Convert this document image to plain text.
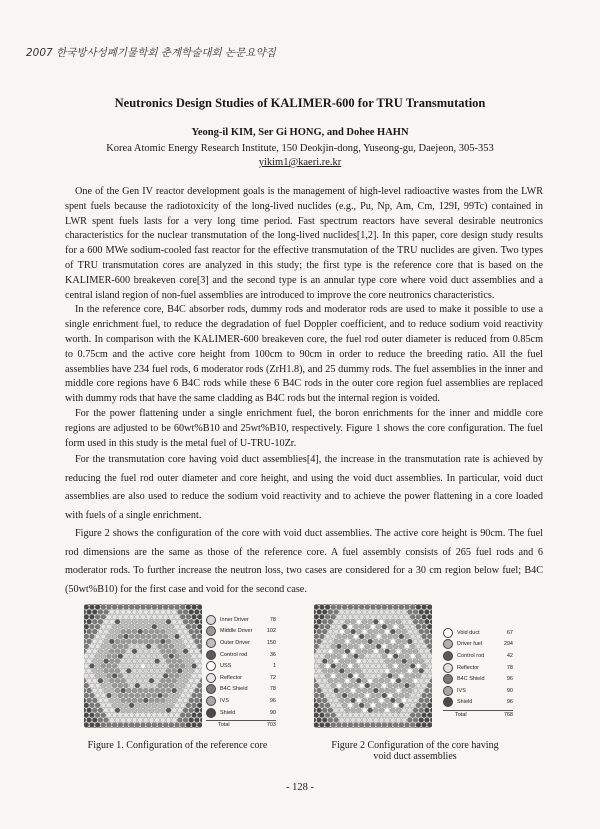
2007 한국방사성폐기물학회 춘계학술대회 논문요약집
Neutronics Design Studies of KALIMER-600 for TRU Transmutation
Yeong-il KIM, Ser Gi HONG, and Dohee HAHN
Korea Atomic Energy Research Institute, 150 Deokjin-dong, Yuseong-gu, Daejeon, 305-353
yikim1@kaeri.re.kr

One of the Gen IV reactor development goals is the management of high-level radioactive wastes from the LWR spent fuels because the radiotoxicity of the long-lived nuclides (e.g., Pu, Np, Am, Cm, 129I, 99Tc) contained in LWR spent fuels lasts for a very long time period. Fast spectrum reactors have several desirable neutronics characteristics for the nuclear transmutation of the long-lived nuclides[1,2]. In this paper, core design study results for a 600 MWe sodium-cooled fast reactor for the effective transmutation of the TRU nuclides are given. Two types of TRU transmutation cores are analyzed in this study; the first type is the reference core that is based on the KALIMER-600 breakeven core[3] and the second type is an annular type core where void duct assemblies and a central island region of non-fuel assemblies are introduced to improve the core neutronics characteristics.

In the reference core, B4C absorber rods, dummy rods and moderator rods are used to make it possible to use a single enrichment fuel, to reduce the degradation of fuel Doppler coefficient, and to reduce sodium void reactivity worth. In comparison with the KALIMER-600 breakeven core, the fuel rod outer diameter is reduced from 0.85cm to 0.75cm and the active core height from 100cm to 90cm in order to reduce the breeding ratio. All the fuel assemblies have 234 fuel rods, 6 moderator rods (ZrH1.8), and 25 dummy rods. The fuel assemblies in the inner and middle core regions have 6 B4C rods while these 6 B4C rods in the outer core region fuel assemblies are replaced with dummy rods that have the same cladding as B4C rods but the internal region is voided.

For the power flattening under a single enrichment fuel, the boron enrichments for the inner and middle core regions are adjusted to be 60wt%B10 and 25wt%B10, respectively. Figure 1 shows the core configuration. The fuel form used in this study is the metal fuel of U-TRU-10Zr.

For the transmutation core having void duct assemblies[4], the increase in the transmutation rate is achieved by reducing the fuel rod outer diameter and core height, and using the void duct assemblies. In particular, void duct assemblies are also used to reduce the sodium void reactivity and to achieve the power flattening in a core loaded with fuels of a single enrichment.

Figure 2 shows the configuration of the core with void duct assemblies. The active core height is 90cm. The fuel rod dimensions are the same as those of the reference core. A fuel assembly consists of 265 fuel rods and 6 moderator rods. To further increase the neutron loss, two cases are considered for a 30 cm region below fuel; B4C (50wt%B10) for the first case and void for the second case.

Inner Driver	78
Middle Driver	102
Outer Driver	150
Control rod	36
USS	1
Reflector	72
B4C Shield	78
IVS	96
Shield	90
Total	703
Figure 1. Configuration of the reference core
Void duct	67
Driver fuel	294
Control rod	42
Reflector	78
B4C Shield	96
IVS	90
Shield	96
Total	768
Figure 2 Configuration of the core having
void duct assemblies
- 128 -
